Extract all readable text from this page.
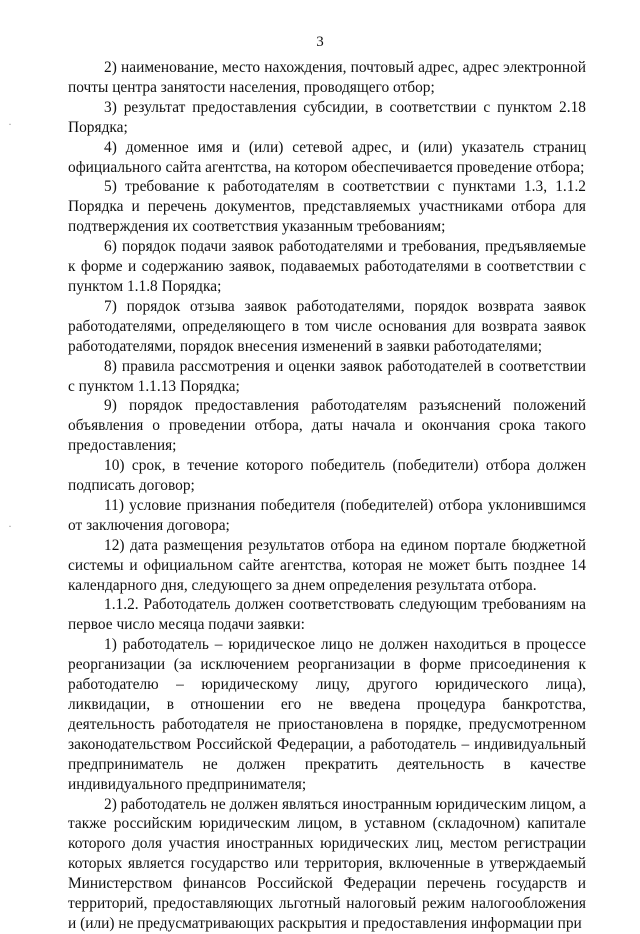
3
·
·

2) наименование, место нахождения, почтовый адрес, адрес электронной почты центра занятости населения, проводящего отбор;

3) результат предоставления субсидии, в соответствии с пунктом 2.18 Порядка;

4) доменное имя и (или) сетевой адрес, и (или) указатель страниц официального сайта агентства, на котором обеспечивается проведение отбора;

5) требование к работодателям в соответствии с пунктами 1.3, 1.1.2 Порядка и перечень документов, представляемых участниками отбора для подтверждения их соответствия указанным требованиям;

6) порядок подачи заявок работодателями и требования, предъявляемые к форме и содержанию заявок, подаваемых работодателями в соответствии с пунктом 1.1.8 Порядка;

7) порядок отзыва заявок работодателями, порядок возврата заявок работодателями, определяющего в том числе основания для возврата заявок работодателями, порядок внесения изменений в заявки работодателями;

8) правила рассмотрения и оценки заявок работодателей в соответствии с пунктом 1.1.13 Порядка;

9) порядок предоставления работодателям разъяснений положений объявления о проведении отбора, даты начала и окончания срока такого предоставления;

10) срок, в течение которого победитель (победители) отбора должен подписать договор;

11) условие признания победителя (победителей) отбора уклонившимся от заключения договора;

12) дата размещения результатов отбора на едином портале бюджетной системы и официальном сайте агентства, которая не может быть позднее 14 календарного дня, следующего за днем определения результата отбора.

1.1.2. Работодатель должен соответствовать следующим требованиям на первое число месяца подачи заявки:

1) работодатель – юридическое лицо не должен находиться в процессе реорганизации (за исключением реорганизации в форме присоединения к работодателю – юридическому лицу, другого юридического лица), ликвидации, в отношении его не введена процедура банкротства, деятельность работодателя не приостановлена в порядке, предусмотренном законодательством Российской Федерации, а работодатель – индивидуальный предприниматель не должен прекратить деятельность в качестве индивидуального предпринимателя;

2) работодатель не должен являться иностранным юридическим лицом, а также российским юридическим лицом, в уставном (складочном) капитале которого доля участия иностранных юридических лиц, местом регистрации которых является государство или территория, включенные в утверждаемый Министерством финансов Российской Федерации перечень государств и территорий, предоставляющих льготный налоговый режим налогообложения и (или) не предусматривающих раскрытия и предоставления информации при
